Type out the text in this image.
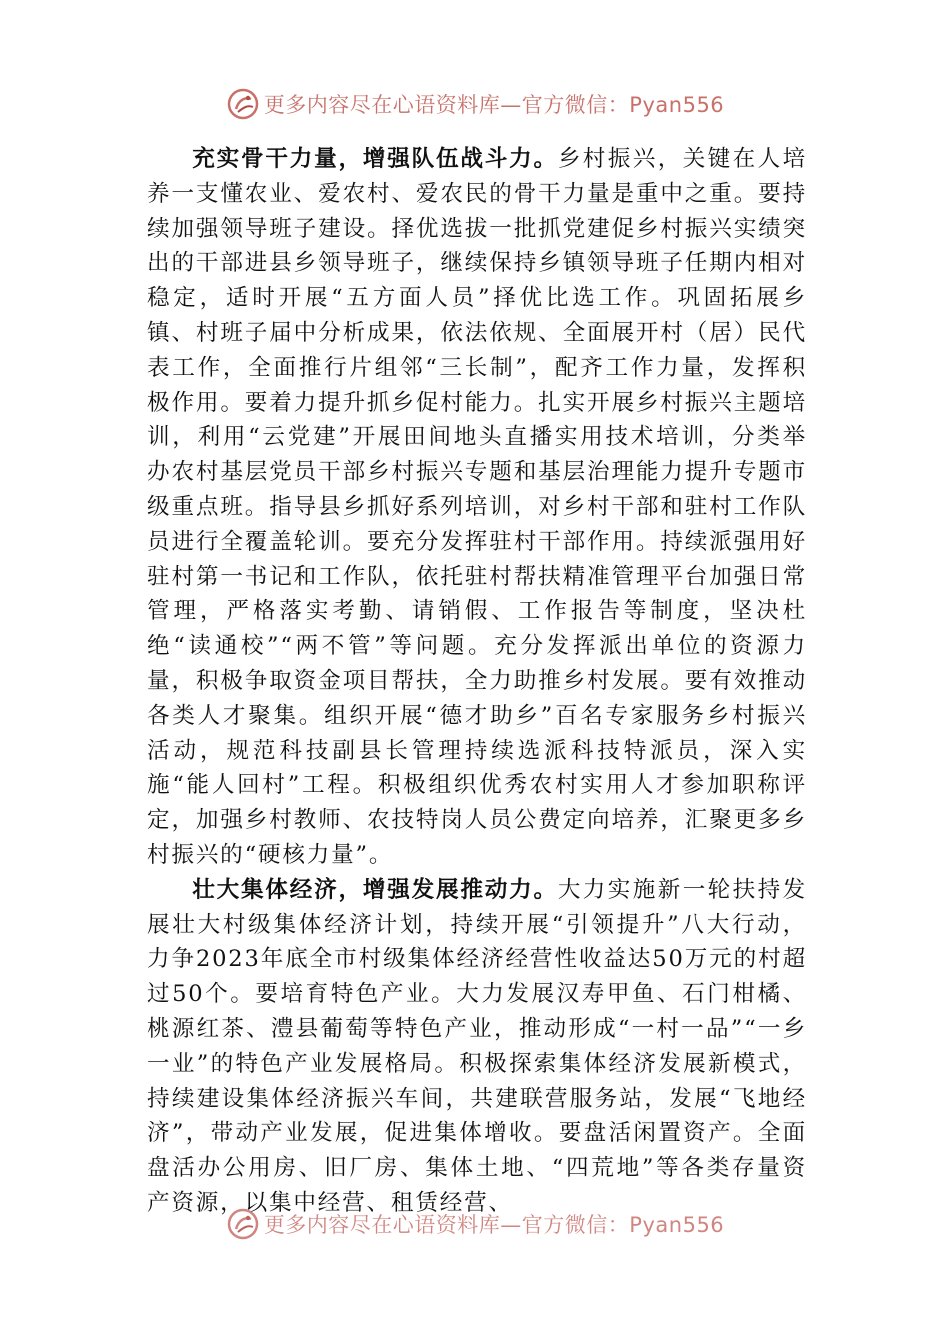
更多内容尽在心语资料库—官方微信：Pyan556

充实骨干力量，增强队伍战斗力。乡村振兴，关键在人培养一支懂农业、爱农村、爱农民的骨干力量是重中之重。要持续加强领导班子建设。择优选拔一批抓党建促乡村振兴实绩突出的干部进县乡领导班子，继续保持乡镇领导班子任期内相对稳定，适时开展“五方面人员”择优比选工作。巩固拓展乡镇、村班子届中分析成果，依法依规、全面展开村（居）民代表工作，全面推行片组邻“三长制”，配齐工作力量，发挥积极作用。要着力提升抓乡促村能力。扎实开展乡村振兴主题培训，利用“云党建”开展田间地头直播实用技术培训，分类举办农村基层党员干部乡村振兴专题和基层治理能力提升专题市级重点班。指导县乡抓好系列培训，对乡村干部和驻村工作队员进行全覆盖轮训。要充分发挥驻村干部作用。持续派强用好驻村第一书记和工作队，依托驻村帮扶精准管理平台加强日常管理，严格落实考勤、请销假、工作报告等制度，坚决杜绝“读通校”“两不管”等问题。充分发挥派出单位的资源力量，积极争取资金项目帮扶，全力助推乡村发展。要有效推动各类人才聚集。组织开展“德才助乡”百名专家服务乡村振兴活动，规范科技副县长管理持续选派科技特派员，深入实施“能人回村”工程。积极组织优秀农村实用人才参加职称评定，加强乡村教师、农技特岗人员公费定向培养，汇聚更多乡村振兴的“硬核力量”。

壮大集体经济，增强发展推动力。大力实施新一轮扶持发展壮大村级集体经济计划，持续开展“引领提升”八大行动，力争2023年底全市村级集体经济经营性收益达50万元的村超过50个。要培育特色产业。大力发展汉寿甲鱼、石门柑橘、桃源红茶、澧县葡萄等特色产业，推动形成“一村一品”“一乡一业”的特色产业发展格局。积极探索集体经济发展新模式，持续建设集体经济振兴车间，共建联营服务站，发展“飞地经济”，带动产业发展，促进集体增收。要盘活闲置资产。全面盘活办公用房、旧厂房、集体土地、“四荒地”等各类存量资产资源，以集中经营、租赁经营、

更多内容尽在心语资料库—官方微信：Pyan556
